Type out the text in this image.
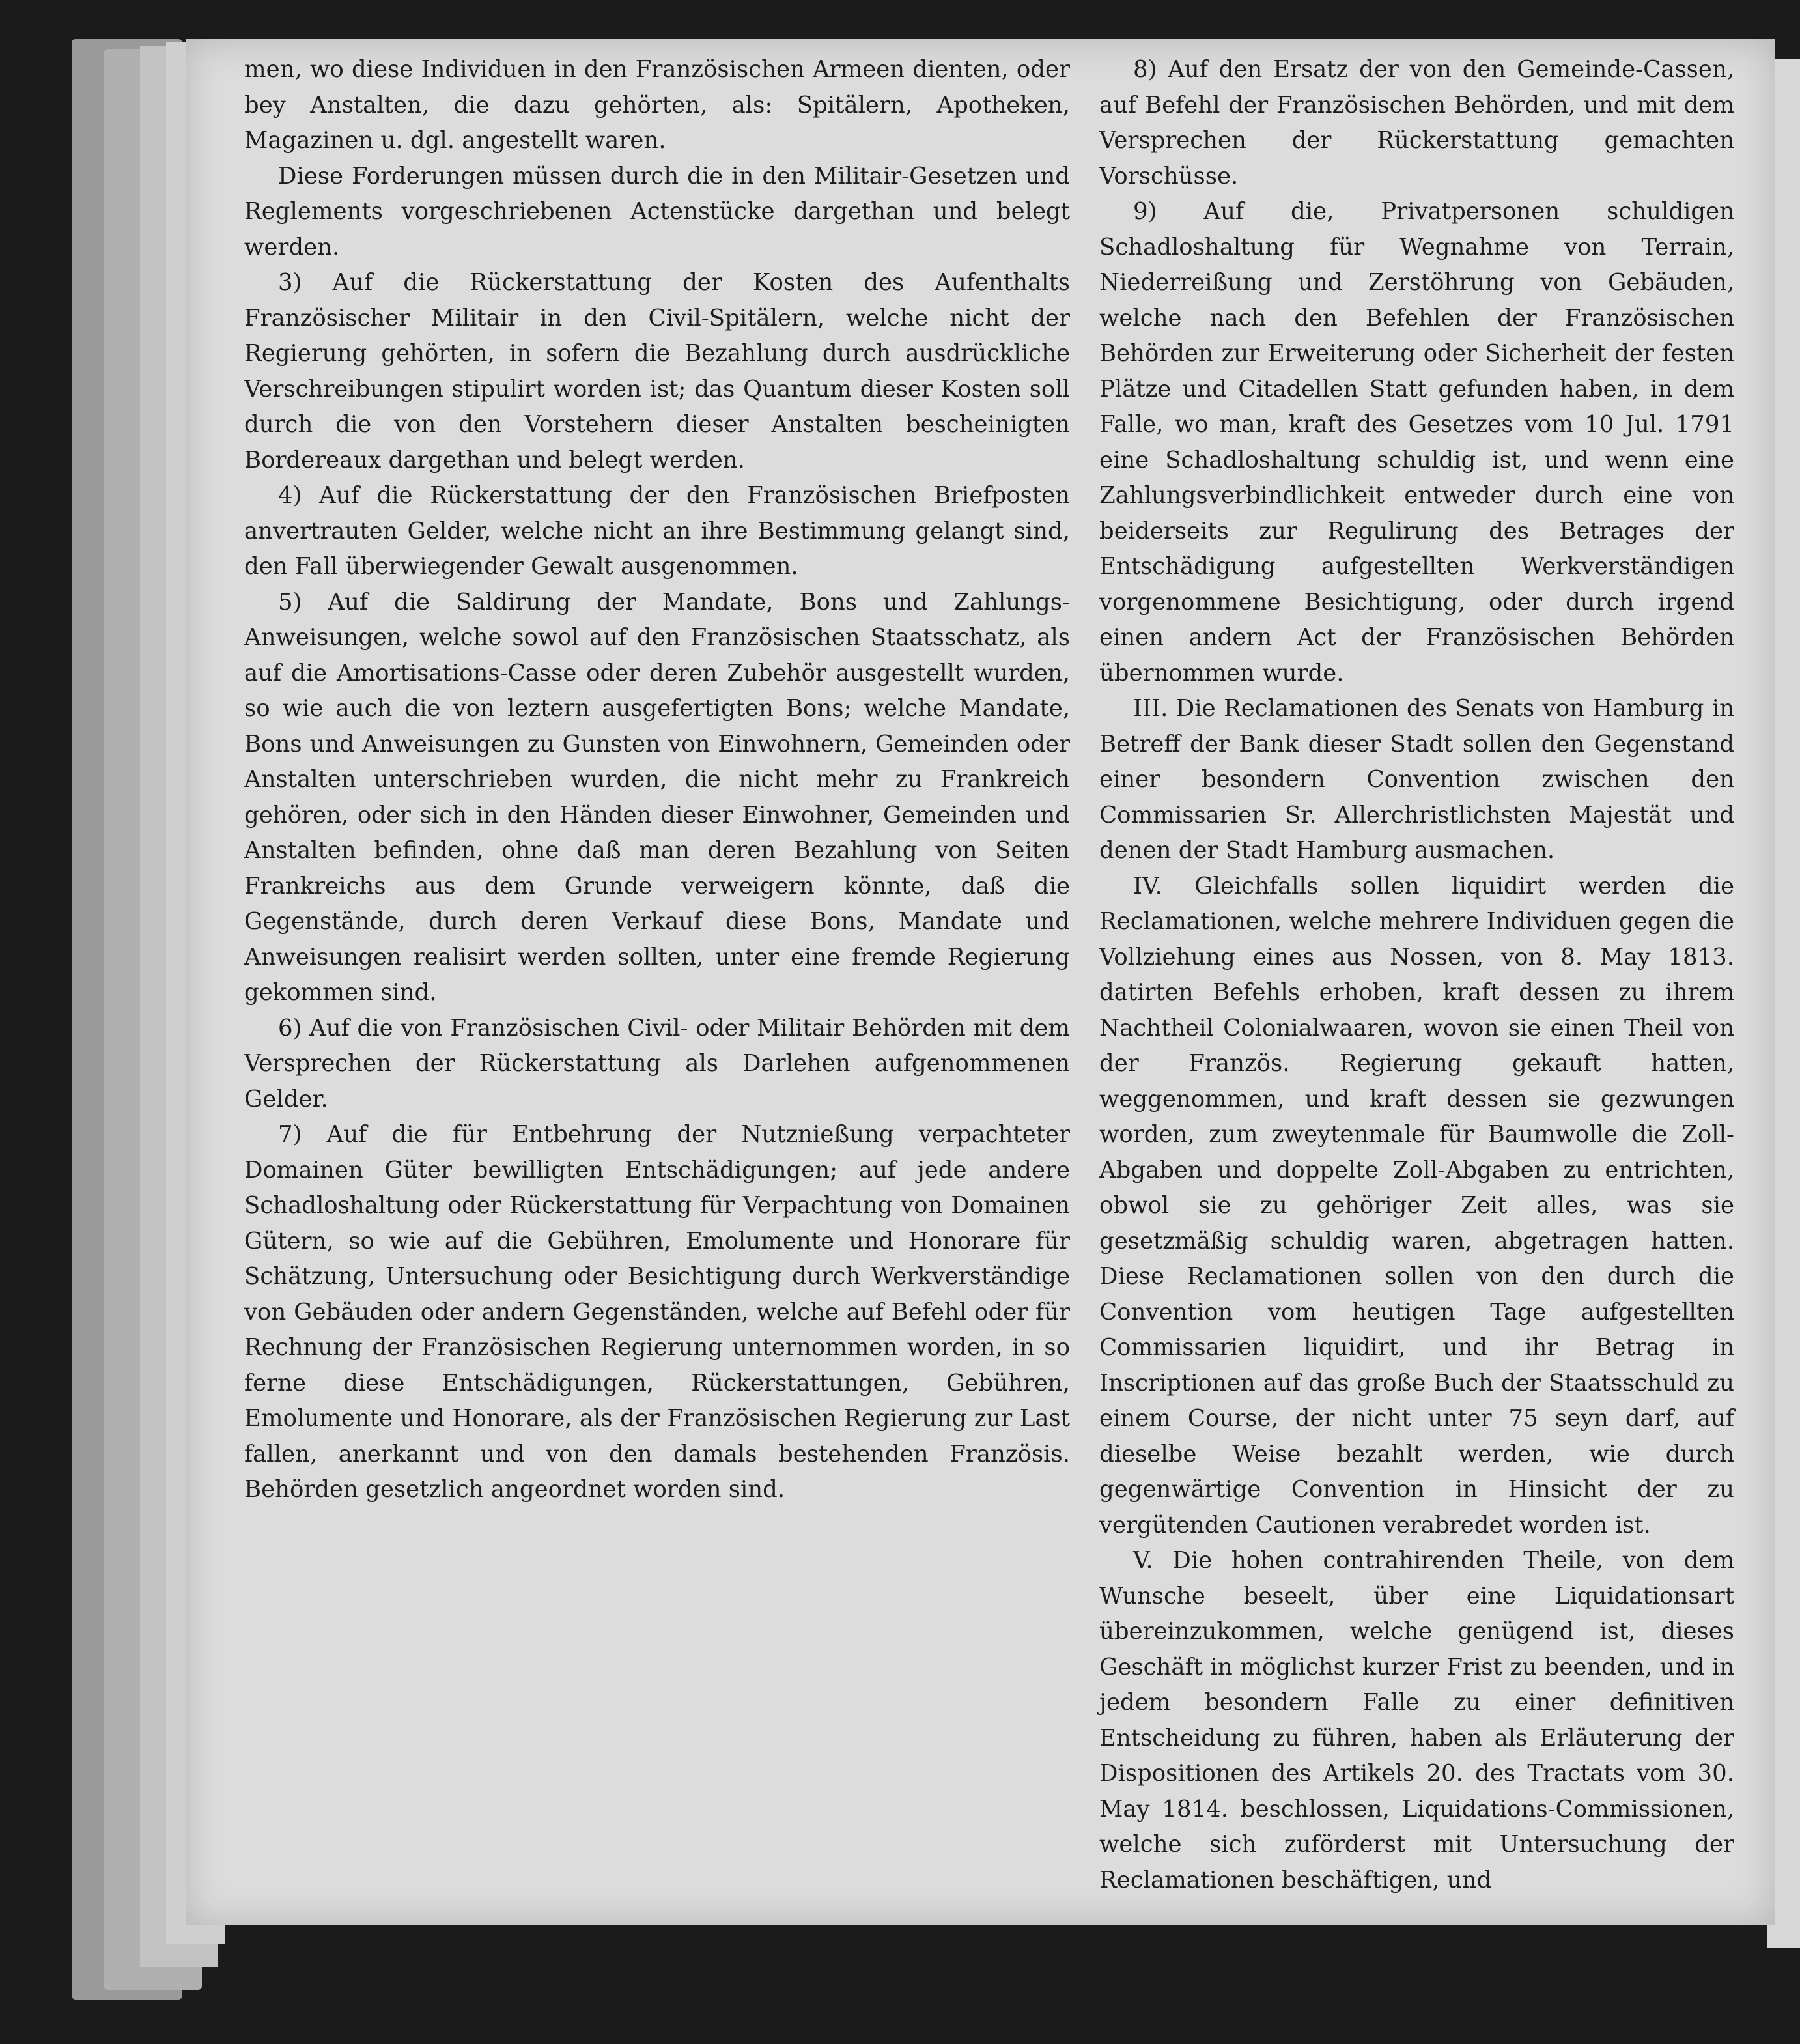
men, wo diese Individuen in den Französischen Armeen dienten, oder bey Anstalten, die dazu gehörten, als: Spitälern, Apotheken, Magazinen u. dgl. angestellt waren.

Diese Forderungen müssen durch die in den Militair-Gesetzen und Reglements vorgeschriebenen Actenstücke dargethan und belegt werden.

3) Auf die Rückerstattung der Kosten des Aufenthalts Französischer Militair in den Civil-Spitälern, welche nicht der Regierung gehörten, in sofern die Bezahlung durch ausdrückliche Verschreibungen stipulirt worden ist; das Quantum dieser Kosten soll durch die von den Vorstehern dieser Anstalten bescheinigten Bordereaux dargethan und belegt werden.

4) Auf die Rückerstattung der den Französischen Briefposten anvertrauten Gelder, welche nicht an ihre Bestimmung gelangt sind, den Fall überwiegender Gewalt ausgenommen.

5) Auf die Saldirung der Mandate, Bons und Zahlungs-Anweisungen, welche sowol auf den Französischen Staatsschatz, als auf die Amortisations-Casse oder deren Zubehör ausgestellt wurden, so wie auch die von leztern ausgefertigten Bons; welche Mandate, Bons und Anweisungen zu Gunsten von Einwohnern, Gemeinden oder Anstalten unterschrieben wurden, die nicht mehr zu Frankreich gehören, oder sich in den Händen dieser Einwohner, Gemeinden und Anstalten befinden, ohne daß man deren Bezahlung von Seiten Frankreichs aus dem Grunde verweigern könnte, daß die Gegenstände, durch deren Verkauf diese Bons, Mandate und Anweisungen realisirt werden sollten, unter eine fremde Regierung gekommen sind.

6) Auf die von Französischen Civil- oder Militair Behörden mit dem Versprechen der Rückerstattung als Darlehen aufgenommenen Gelder.

7) Auf die für Entbehrung der Nutznießung verpachteter Domainen Güter bewilligten Entschädigungen; auf jede andere Schadloshaltung oder Rückerstattung für Verpachtung von Domainen Gütern, so wie auf die Gebühren, Emolumente und Honorare für Schätzung, Untersuchung oder Besichtigung durch Werkverständige von Gebäuden oder andern Gegenständen, welche auf Befehl oder für Rechnung der Französischen Regierung unternommen worden, in so ferne diese Entschädigungen, Rückerstattungen, Gebühren, Emolumente und Honorare, als der Französischen Regierung zur Last fallen, anerkannt und von den damals bestehenden Französis. Behörden gesetzlich angeordnet worden sind.

8) Auf den Ersatz der von den Gemeinde-Cassen, auf Befehl der Französischen Behörden, und mit dem Versprechen der Rückerstattung gemachten Vorschüsse.

9) Auf die, Privatpersonen schuldigen Schadloshaltung für Wegnahme von Terrain, Niederreißung und Zerstöhrung von Gebäuden, welche nach den Befehlen der Französischen Behörden zur Erweiterung oder Sicherheit der festen Plätze und Citadellen Statt gefunden haben, in dem Falle, wo man, kraft des Gesetzes vom 10 Jul. 1791 eine Schadloshaltung schuldig ist, und wenn eine Zahlungsverbindlichkeit entweder durch eine von beiderseits zur Regulirung des Betrages der Entschädigung aufgestellten Werkverständigen vorgenommene Besichtigung, oder durch irgend einen andern Act der Französischen Behörden übernommen wurde.

III. Die Reclamationen des Senats von Hamburg in Betreff der Bank dieser Stadt sollen den Gegenstand einer besondern Convention zwischen den Commissarien Sr. Allerchristlichsten Majestät und denen der Stadt Hamburg ausmachen.

IV. Gleichfalls sollen liquidirt werden die Reclamationen, welche mehrere Individuen gegen die Vollziehung eines aus Nossen, von 8. May 1813. datirten Befehls erhoben, kraft dessen zu ihrem Nachtheil Colonialwaaren, wovon sie einen Theil von der Französ. Regierung gekauft hatten, weggenommen, und kraft dessen sie gezwungen worden, zum zweytenmale für Baumwolle die Zoll-Abgaben und doppelte Zoll-Abgaben zu entrichten, obwol sie zu gehöriger Zeit alles, was sie gesetzmäßig schuldig waren, abgetragen hatten. Diese Reclamationen sollen von den durch die Convention vom heutigen Tage aufgestellten Commissarien liquidirt, und ihr Betrag in Inscriptionen auf das große Buch der Staatsschuld zu einem Course, der nicht unter 75 seyn darf, auf dieselbe Weise bezahlt werden, wie durch gegenwärtige Convention in Hinsicht der zu vergütenden Cautionen verabredet worden ist.

V. Die hohen contrahirenden Theile, von dem Wunsche beseelt, über eine Liquidationsart übereinzukommen, welche genügend ist, dieses Geschäft in möglichst kurzer Frist zu beenden, und in jedem besondern Falle zu einer definitiven Entscheidung zu führen, haben als Erläuterung der Dispositionen des Artikels 20. des Tractats vom 30. May 1814. beschlossen, Liquidations-Commissionen, welche sich zuförderst mit Untersuchung der Reclamationen beschäftigen, und
